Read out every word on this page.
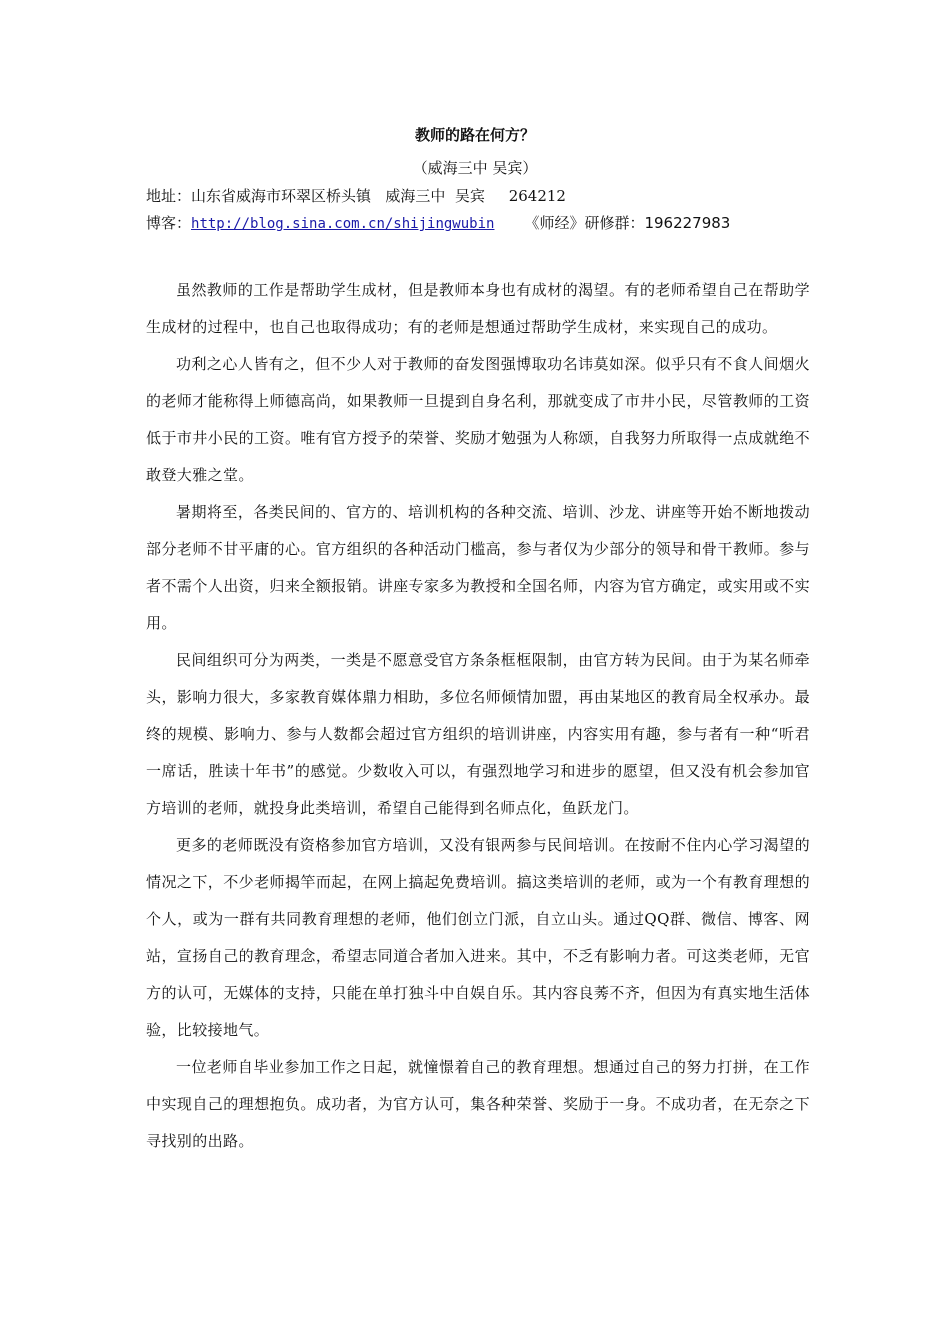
教师的路在何方？
（威海三中 吴宾）
地址：山东省威海市环翠区桥头镇   威海三中  吴宾     264212
博客：http://blog.sina.com.cn/shijingwubin 《师经》研修群：196227983

虽然教师的工作是帮助学生成材，但是教师本身也有成材的渴望。有的老师希望自己在帮助学生成材的过程中，也自己也取得成功；有的老师是想通过帮助学生成材，来实现自己的成功。

功利之心人皆有之，但不少人对于教师的奋发图强博取功名讳莫如深。似乎只有不食人间烟火的老师才能称得上师德高尚，如果教师一旦提到自身名利，那就变成了市井小民，尽管教师的工资低于市井小民的工资。唯有官方授予的荣誉、奖励才勉强为人称颂，自我努力所取得一点成就绝不敢登大雅之堂。

暑期将至，各类民间的、官方的、培训机构的各种交流、培训、沙龙、讲座等开始不断地拨动部分老师不甘平庸的心。官方组织的各种活动门槛高，参与者仅为少部分的领导和骨干教师。参与者不需个人出资，归来全额报销。讲座专家多为教授和全国名师，内容为官方确定，或实用或不实用。

民间组织可分为两类，一类是不愿意受官方条条框框限制，由官方转为民间。由于为某名师牵头，影响力很大，多家教育媒体鼎力相助，多位名师倾情加盟，再由某地区的教育局全权承办。最终的规模、影响力、参与人数都会超过官方组织的培训讲座，内容实用有趣，参与者有一种“听君一席话，胜读十年书”的感觉。少数收入可以，有强烈地学习和进步的愿望，但又没有机会参加官方培训的老师，就投身此类培训，希望自己能得到名师点化，鱼跃龙门。

更多的老师既没有资格参加官方培训，又没有银两参与民间培训。在按耐不住内心学习渴望的情况之下，不少老师揭竿而起，在网上搞起免费培训。搞这类培训的老师，或为一个有教育理想的个人，或为一群有共同教育理想的老师，他们创立门派，自立山头。通过QQ群、微信、博客、网站，宣扬自己的教育理念，希望志同道合者加入进来。其中，不乏有影响力者。可这类老师，无官方的认可，无媒体的支持，只能在单打独斗中自娱自乐。其内容良莠不齐，但因为有真实地生活体验，比较接地气。

一位老师自毕业参加工作之日起，就憧憬着自己的教育理想。想通过自己的努力打拼，在工作中实现自己的理想抱负。成功者，为官方认可，集各种荣誉、奖励于一身。不成功者，在无奈之下寻找别的出路。
